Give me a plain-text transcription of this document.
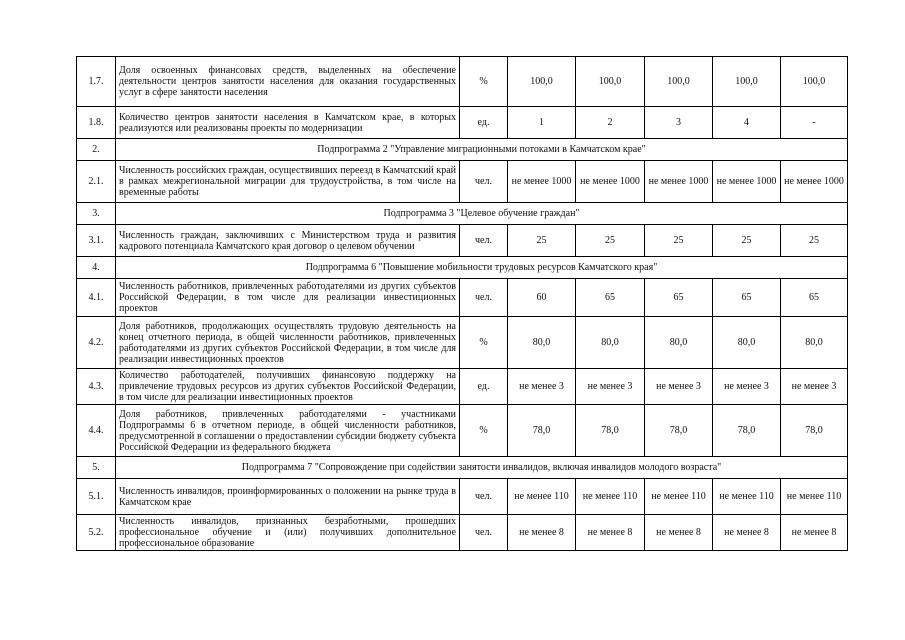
1.7.	Доля освоенных финансовых средств, выделенных на обеспечение деятельности центров занятости населения для оказания государственных услуг в сфере занятости населения	%	100,0	100,0	100,0	100,0	100,0
1.8.	Количество центров занятости населения в Камчатском крае, в которых реализуются или реализованы проекты по модернизации	ед.	1	2	3	4	-
2.	Подпрограмма 2 "Управление миграционными потоками в Камчатском крае"						
2.1.	Численность российских граждан, осуществивших переезд в Камчатский край в рамках межрегиональной миграции для трудоустройства, в том числе на временные работы	чел.	не менее 1000	не менее 1000	не менее 1000	не менее 1000	не менее 1000
3.	Подпрограмма 3 "Целевое обучение граждан"						
3.1.	Численность граждан, заключивших с Министерством труда и развития кадрового потенциала Камчатского края договор о целевом обучении	чел.	25	25	25	25	25
4.	Подпрограмма 6 "Повышение мобильности трудовых ресурсов Камчатского края"						
4.1.	Численность работников, привлеченных работодателями из других субъектов Российской Федерации, в том числе для реализации инвестиционных проектов	чел.	60	65	65	65	65
4.2.	Доля работников, продолжающих осуществлять трудовую деятельность на конец отчетного периода, в общей численности работников, привлеченных работодателями из других субъектов Российской Федерации, в том числе для реализации инвестиционных проектов	%	80,0	80,0	80,0	80,0	80,0
4.3.	Количество работодателей, получивших финансовую поддержку на привлечение трудовых ресурсов из других субъектов Российской Федерации, в том числе для реализации инвестиционных проектов	ед.	не менее 3	не менее 3	не менее 3	не менее 3	не менее 3
4.4.	Доля работников, привлеченных работодателями - участниками Подпрограммы 6 в отчетном периоде, в общей численности работников, предусмотренной в соглашении о предоставлении субсидии бюджету субъекта Российской Федерации из федерального бюджета	%	78,0	78,0	78,0	78,0	78,0
5.	Подпрограмма 7 "Сопровождение при содействии занятости инвалидов, включая инвалидов молодого возраста"						
5.1.	Численность инвалидов, проинформированных о положении на рынке труда в Камчатском крае	чел.	не менее 110	не менее 110	не менее 110	не менее 110	не менее 110
5.2.	Численность инвалидов, признанных безработными, прошедших профессиональное обучение и (или) получивших дополнительное профессиональное образование	чел.	не менее 8	не менее 8	не менее 8	не менее 8	не менее 8
